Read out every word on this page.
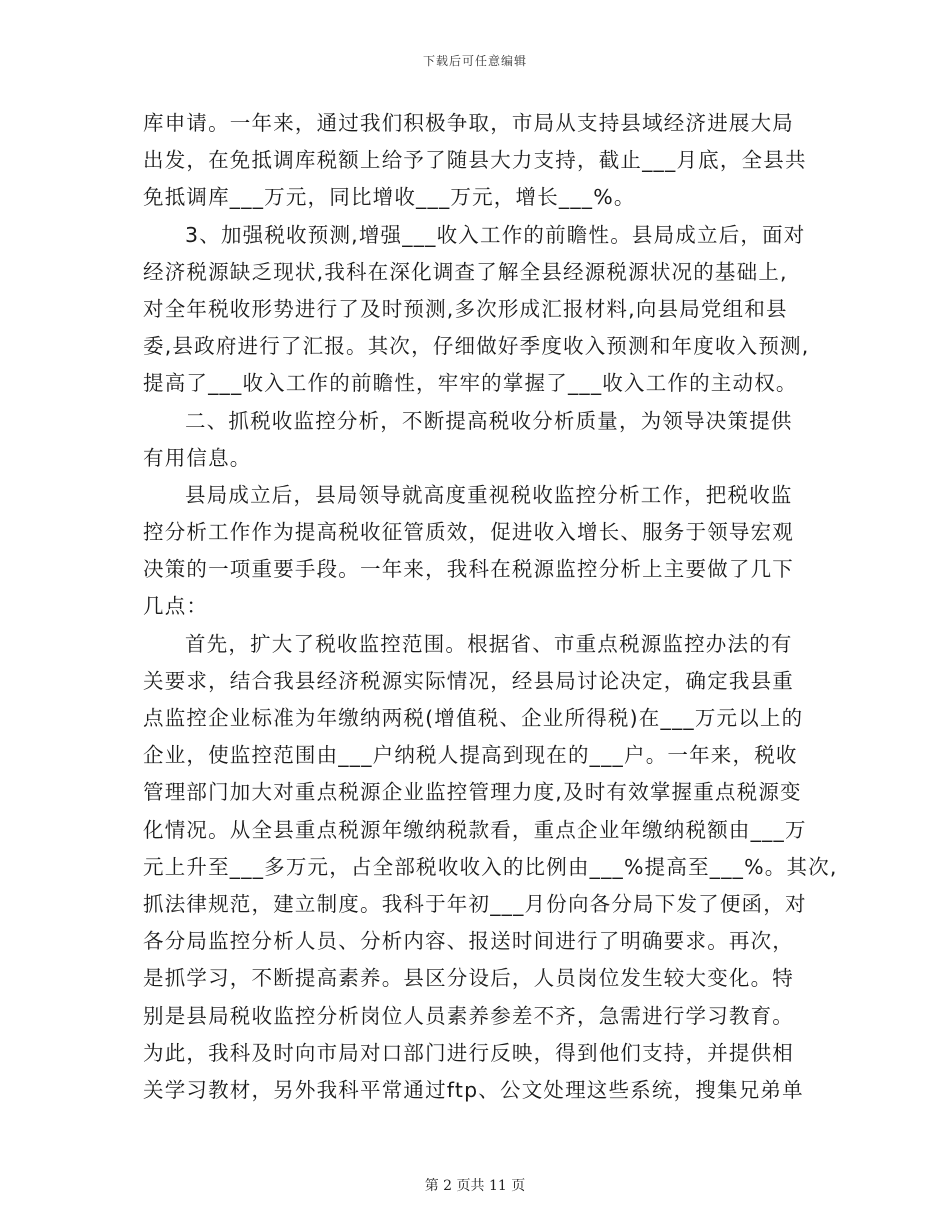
下载后可任意编辑
库申请。一年来，通过我们积极争取，市局从支持县域经济进展大局
出发，在免抵调库税额上给予了随县大力支持，截止___月底，全县共
免抵调库___万元，同比增收___万元，增长___%。
3、加强税收预测,增强___收入工作的前瞻性。县局成立后，面对
经济税源缺乏现状,我科在深化调查了解全县经源税源状况的基础上,
对全年税收形势进行了及时预测,多次形成汇报材料,向县局党组和县
委,县政府进行了汇报。其次，仔细做好季度收入预测和年度收入预测,
提高了___收入工作的前瞻性，牢牢的掌握了___收入工作的主动权。
二、抓税收监控分析，不断提高税收分析质量，为领导决策提供
有用信息。
县局成立后，县局领导就高度重视税收监控分析工作，把税收监
控分析工作作为提高税收征管质效，促进收入增长、服务于领导宏观
决策的一项重要手段。一年来，我科在税源监控分析上主要做了几下
几点：
首先，扩大了税收监控范围。根据省、市重点税源监控办法的有
关要求，结合我县经济税源实际情况，经县局讨论决定，确定我县重
点监控企业标准为年缴纳两税(增值税、企业所得税)在___万元以上的
企业，使监控范围由___户纳税人提高到现在的___户。一年来，税收
管理部门加大对重点税源企业监控管理力度,及时有效掌握重点税源变
化情况。从全县重点税源年缴纳税款看，重点企业年缴纳税额由___万
元上升至___多万元，占全部税收收入的比例由___%提高至___%。其次,
抓法律规范，建立制度。我科于年初___月份向各分局下发了便函，对
各分局监控分析人员、分析内容、报送时间进行了明确要求。再次，
是抓学习，不断提高素养。县区分设后，人员岗位发生较大变化。特
别是县局税收监控分析岗位人员素养参差不齐，急需进行学习教育。
为此，我科及时向市局对口部门进行反映，得到他们支持，并提供相
关学习教材，另外我科平常通过ftp、公文处理这些系统，搜集兄弟单
第 2 页共 11 页
